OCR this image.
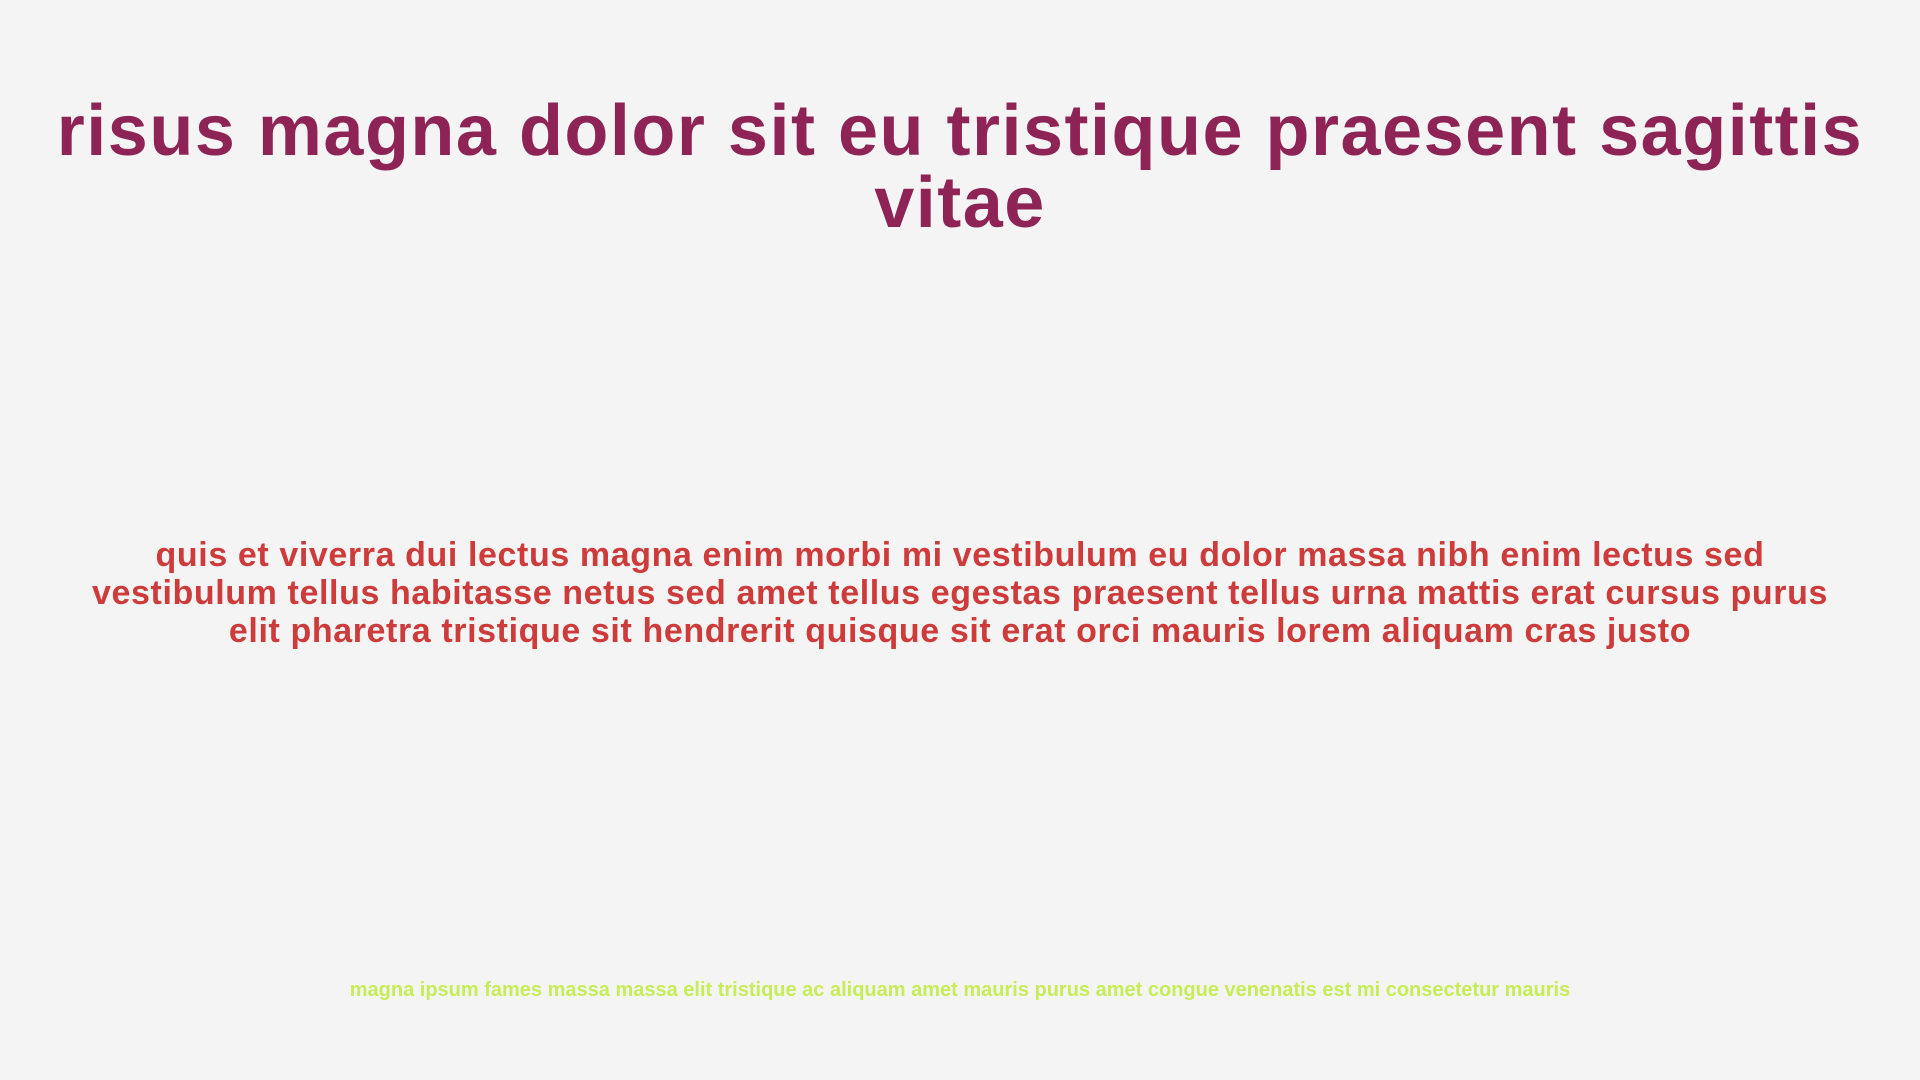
risus magna dolor sit eu tristique praesent sagittis vitae

quis et viverra dui lectus magna enim morbi mi vestibulum eu dolor massa nibh enim lectus sed vestibulum tellus habitasse netus sed amet tellus egestas praesent tellus urna mattis erat cursus purus elit pharetra tristique sit hendrerit quisque sit erat orci mauris lorem aliquam cras justo

magna ipsum fames massa massa elit tristique ac aliquam amet mauris purus amet congue venenatis est mi consectetur mauris
